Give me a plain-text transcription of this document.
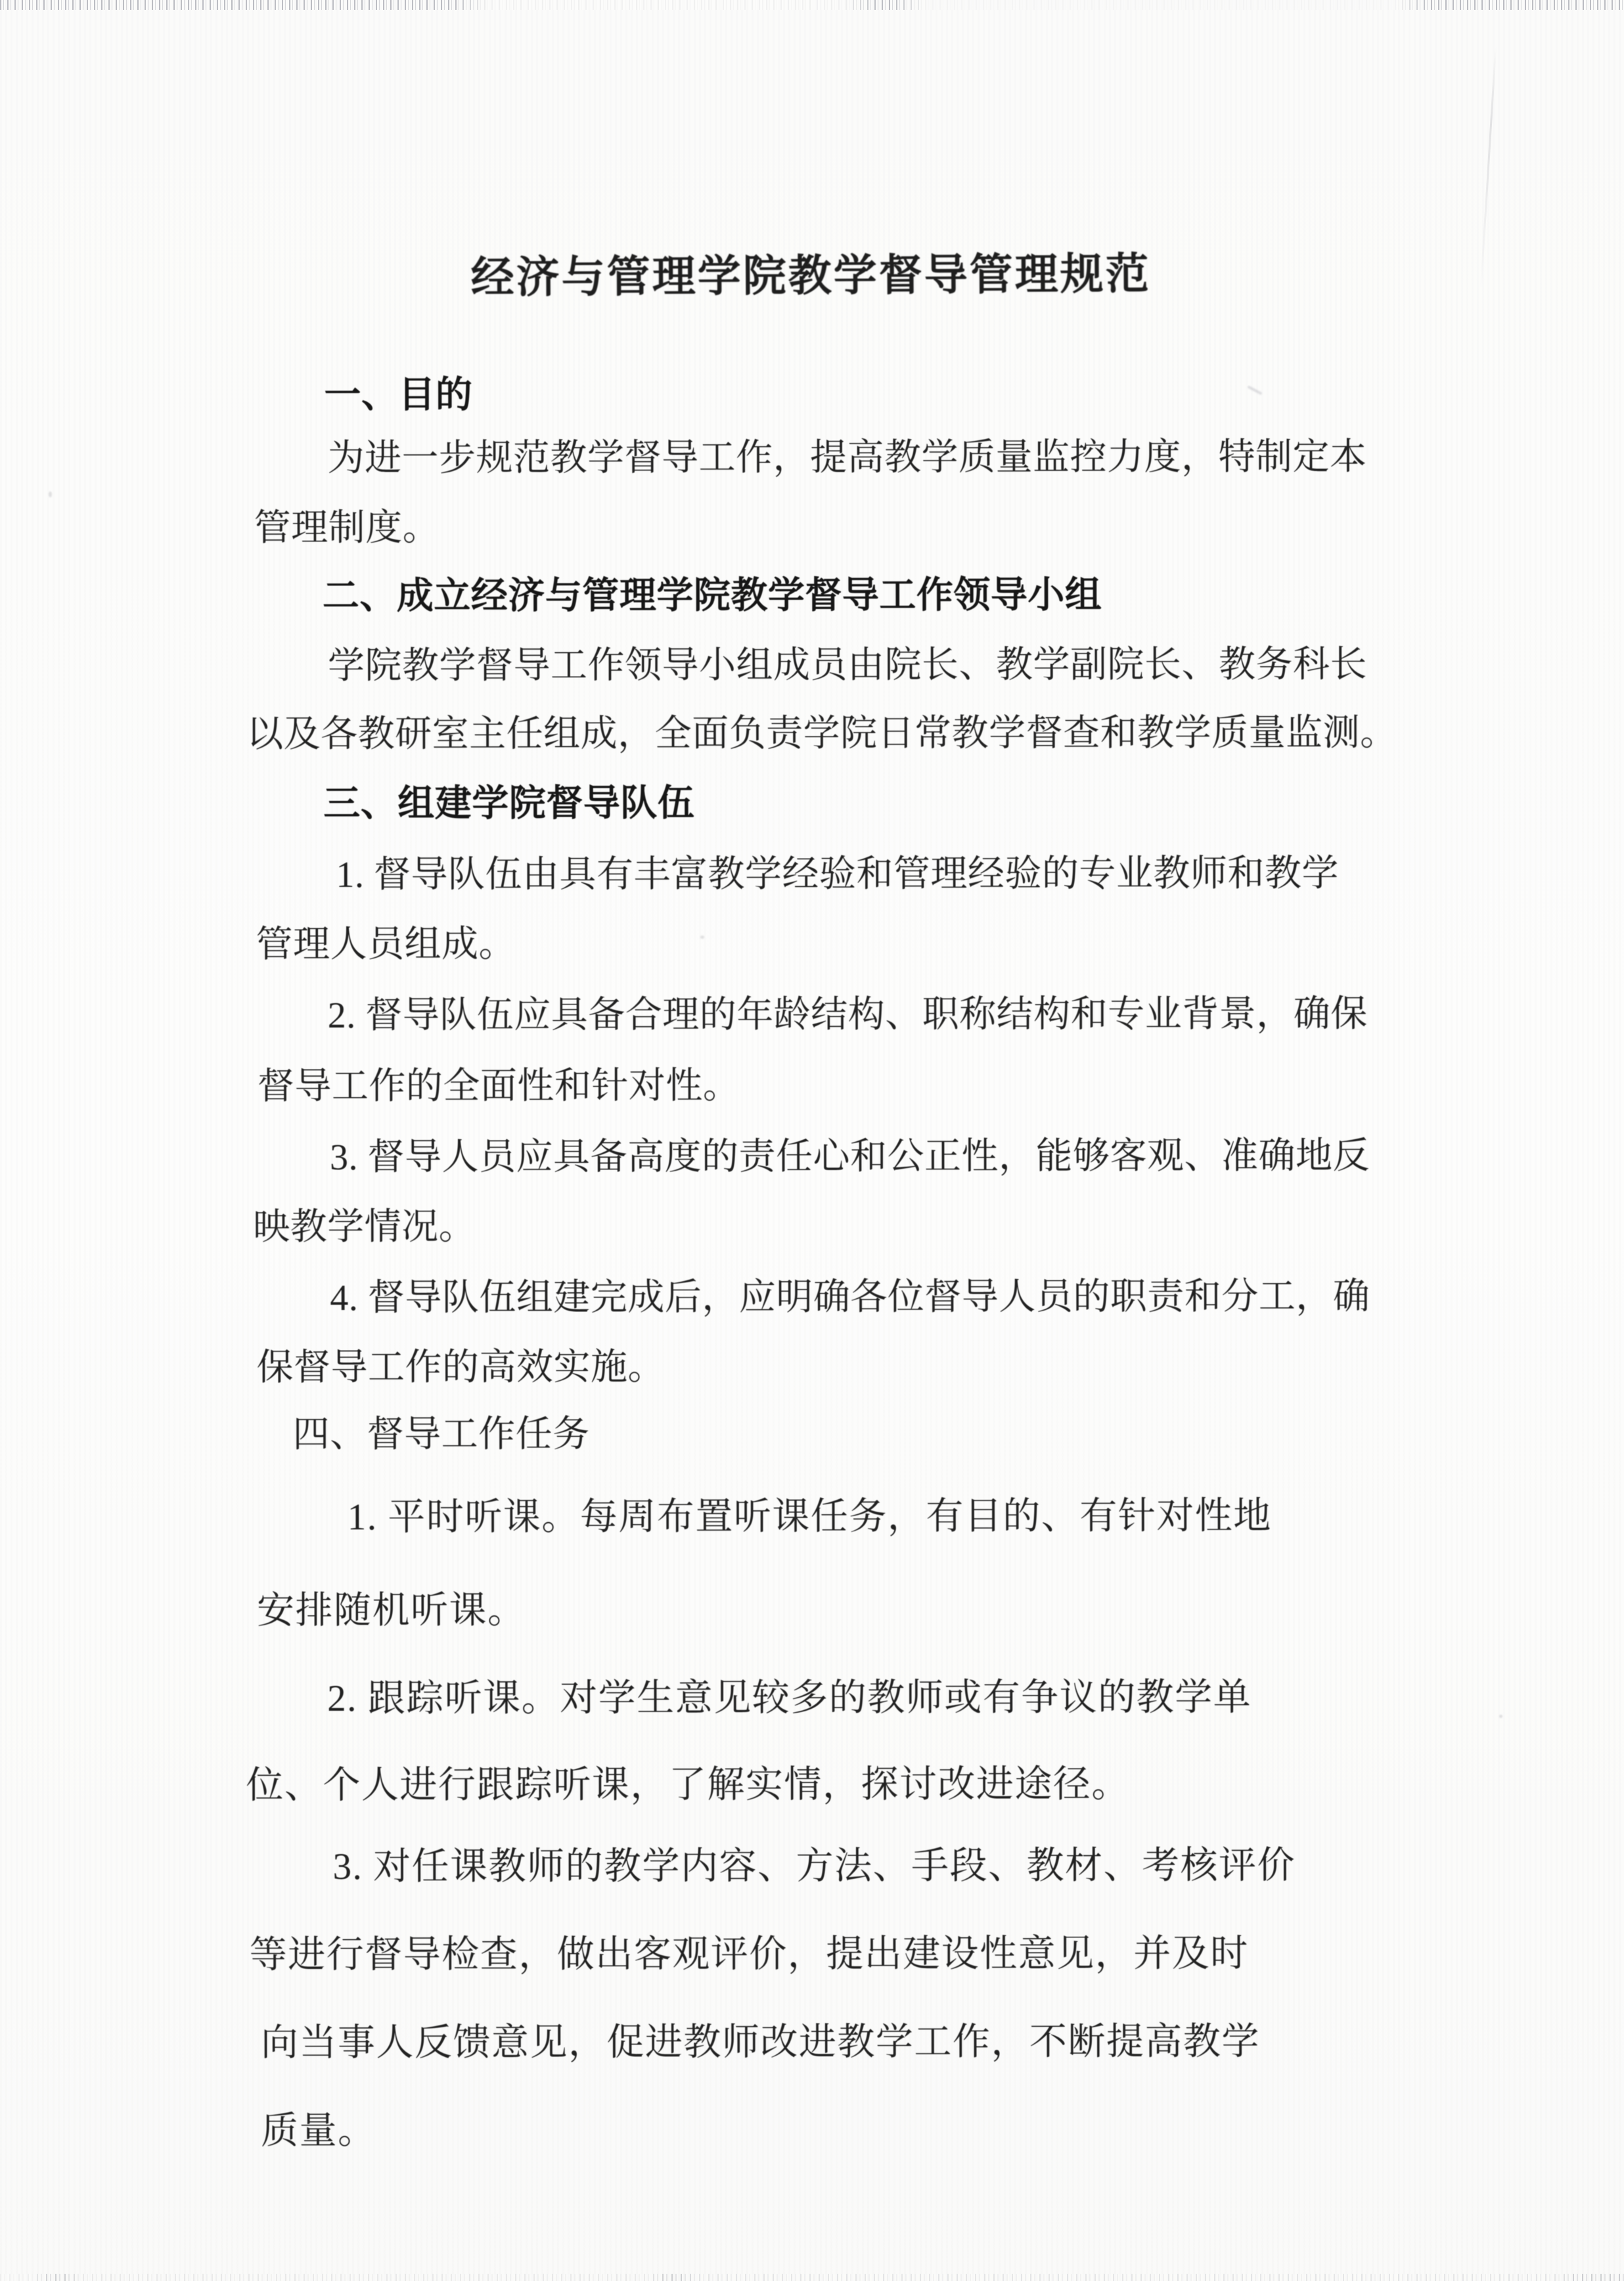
经济与管理学院教学督导管理规范
一、目的
为进一步规范教学督导工作，提高教学质量监控力度，特制定本
管理制度。
二、成立经济与管理学院教学督导工作领导小组
学院教学督导工作领导小组成员由院长、教学副院长、教务科长
以及各教研室主任组成，全面负责学院日常教学督查和教学质量监测。
三、组建学院督导队伍
1. 督导队伍由具有丰富教学经验和管理经验的专业教师和教学
管理人员组成。
2. 督导队伍应具备合理的年龄结构、职称结构和专业背景，确保
督导工作的全面性和针对性。
3. 督导人员应具备高度的责任心和公正性，能够客观、准确地反
映教学情况。
4. 督导队伍组建完成后，应明确各位督导人员的职责和分工，确
保督导工作的高效实施。
四、督导工作任务
1. 平时听课。每周布置听课任务，有目的、有针对性地
安排随机听课。
2. 跟踪听课。对学生意见较多的教师或有争议的教学单
位、个人进行跟踪听课，了解实情，探讨改进途径。
3. 对任课教师的教学内容、方法、手段、教材、考核评价
等进行督导检查，做出客观评价，提出建设性意见，并及时
向当事人反馈意见，促进教师改进教学工作，不断提高教学
质量。
